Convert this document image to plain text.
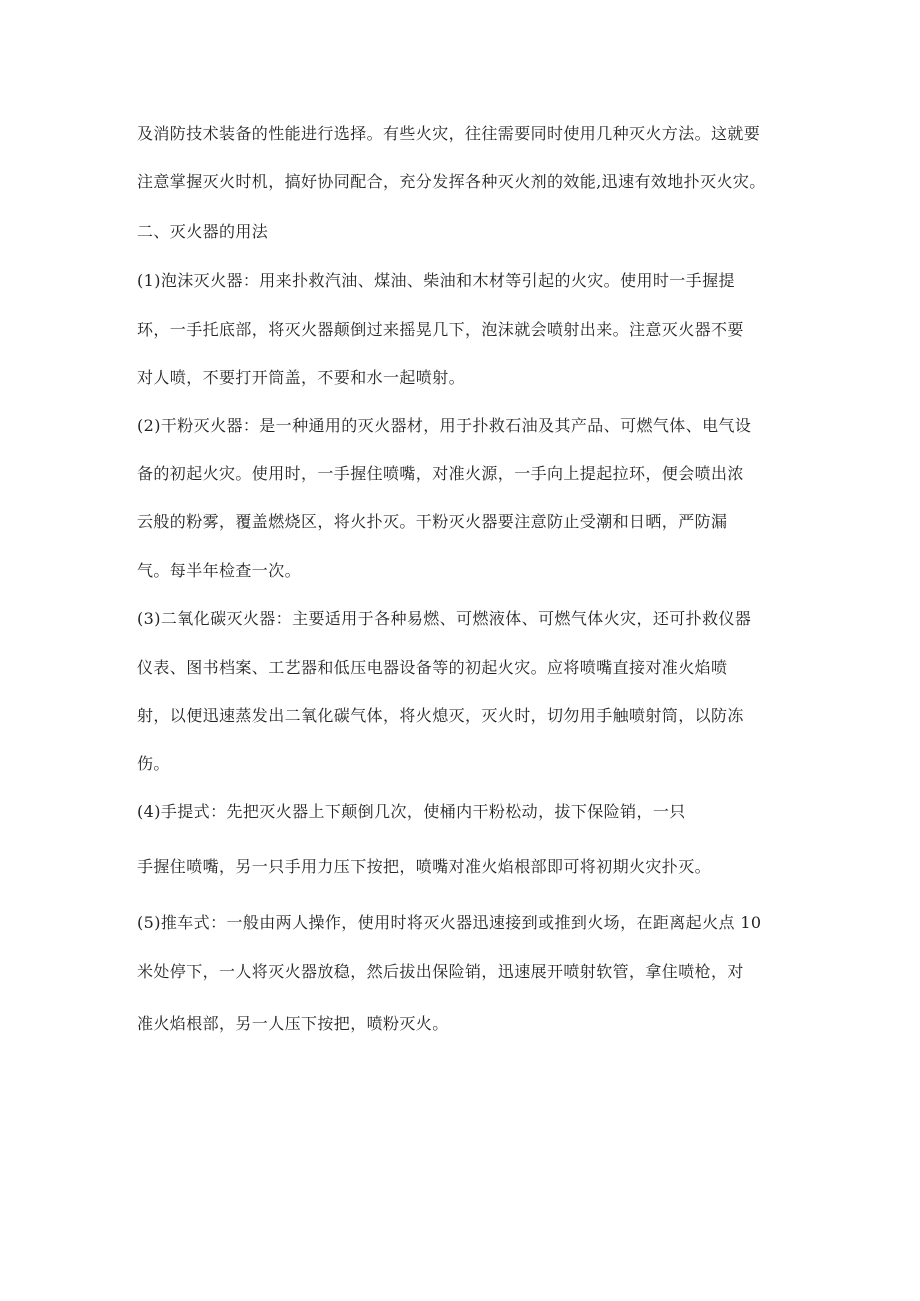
及消防技术装备的性能进行选择。有些火灾，往往需要同时使用几种灭火方法。这就要
注意掌握灭火时机，搞好协同配合，充分发挥各种灭火剂的效能,迅速有效地扑灭火灾。
二、灭火器的用法
(1)泡沫灭火器：用来扑救汽油、煤油、柴油和木材等引起的火灾。使用时一手握提
环，一手托底部，将灭火器颠倒过来摇晃几下，泡沫就会喷射出来。注意灭火器不要
对人喷，不要打开筒盖，不要和水一起喷射。
(2)干粉灭火器：是一种通用的灭火器材，用于扑救石油及其产品、可燃气体、电气设
备的初起火灾。使用时，一手握住喷嘴，对准火源，一手向上提起拉环，便会喷出浓
云般的粉雾，覆盖燃烧区，将火扑灭。干粉灭火器要注意防止受潮和日晒，严防漏
气。每半年检查一次。
(3)二氧化碳灭火器：主要适用于各种易燃、可燃液体、可燃气体火灾，还可扑救仪器
仪表、图书档案、工艺器和低压电器设备等的初起火灾。应将喷嘴直接对准火焰喷
射，以便迅速蒸发出二氧化碳气体，将火熄灭，灭火时，切勿用手触喷射筒，以防冻
伤。
(4)手提式：先把灭火器上下颠倒几次，使桶内干粉松动，拔下保险销，一只
手握住喷嘴，另一只手用力压下按把，喷嘴对准火焰根部即可将初期火灾扑灭。
(5)推车式：一般由两人操作，使用时将灭火器迅速接到或推到火场，在距离起火点 10
米处停下，一人将灭火器放稳，然后拔出保险销，迅速展开喷射软管，拿住喷枪，对
准火焰根部，另一人压下按把，喷粉灭火。
